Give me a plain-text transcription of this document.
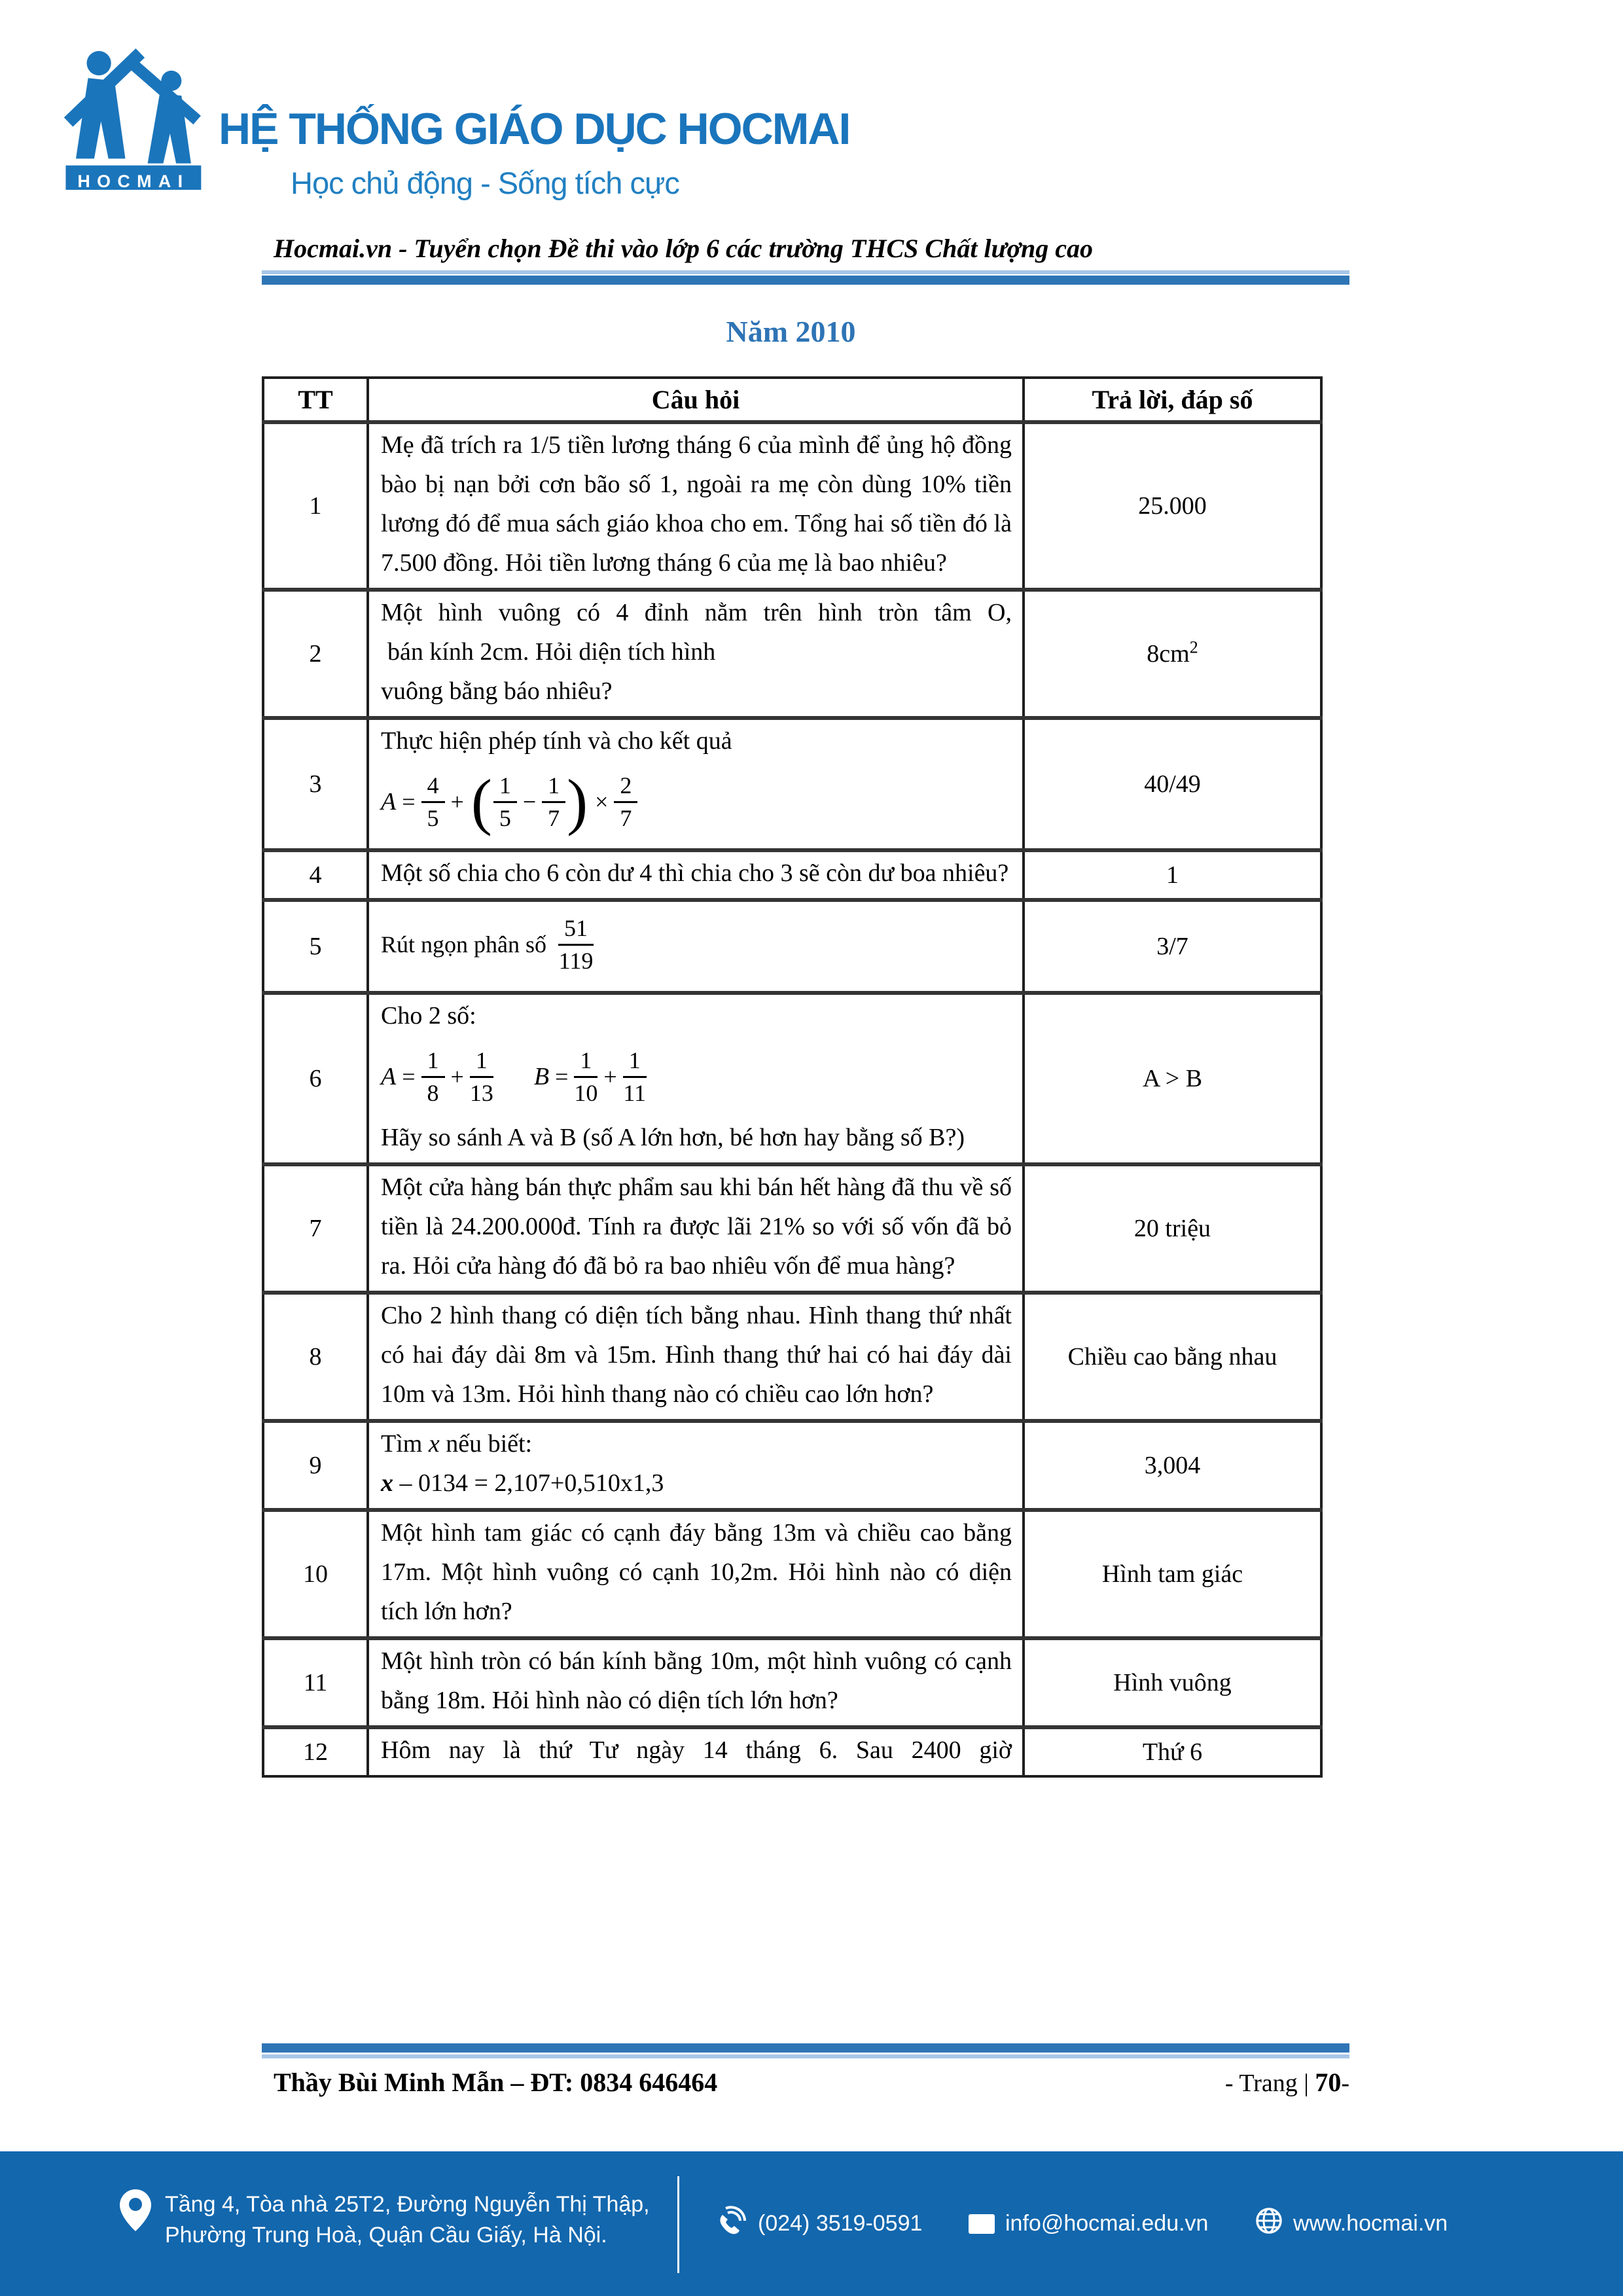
HOCMAI
HỆ THỐNG GIÁO DỤC HOCMAI
Học chủ động - Sống tích cực
Hocmai.vn - Tuyển chọn Đề thi vào lớp 6 các trường THCS Chất lượng cao
Năm 2010
TT	Câu hỏi	Trả lời, đáp số
1	Mẹ đã trích ra 1/5 tiền lương tháng 6 của mình để ủng hộ đồng bào bị nạn bởi cơn bão số 1, ngoài ra mẹ còn dùng 10% tiền lương đó để mua sách giáo khoa cho em. Tổng hai số tiền đó là 7.500 đồng. Hỏi tiền lương tháng 6 của mẹ là bao nhiêu?	25.000
2	Một hình vuông có 4 đỉnh nằm trên hình tròn tâm O,
bán kính 2cm. Hỏi diện tích hình
vuông bằng báo nhiêu?	$8cm^2$
3	
Thực hiện phép tính và cho kết quả
$A = \frac{4}{5}$ + ( $\frac{1}{5} - \frac{1}{7}$ ) × $\frac{2}{7}$	40/49
4	Một số chia cho 6 còn dư 4 thì chia cho 3 sẽ còn dư boa nhiêu?	1
5	Rút ngọn phân số $\frac{51}{119}$	3/7
6	
Cho 2 số:
$A = \frac{1}{8} + \frac{1}{13}$ $B = \frac{1}{10} + \frac{1}{11}$
Hãy so sánh A và B (số A lớn hơn, bé hơn hay bằng số B?)
	A > B
7	Một cửa hàng bán thực phẩm sau khi bán hết hàng đã thu về số tiền là 24.200.000đ. Tính ra được lãi 21% so với số vốn đã bỏ ra. Hỏi cửa hàng đó đã bỏ ra bao nhiêu vốn để mua hàng?	20 triệu
8	Cho 2 hình thang có diện tích bằng nhau. Hình thang thứ nhất có hai đáy dài 8m và 15m. Hình thang thứ hai có hai đáy dài 10m và 13m. Hỏi hình thang nào có chiều cao lớn hơn?	Chiều cao bằng nhau
9	Tìm x nếu biết:
x – 0134 = 2,107+0,510x1,3	3,004
10	Một hình tam giác có cạnh đáy bằng 13m và chiều cao bằng 17m. Một hình vuông có cạnh 10,2m. Hỏi hình nào có diện tích lớn hơn?	Hình tam giác
11	Một hình tròn có bán kính bằng 10m, một hình vuông có cạnh bằng 18m. Hỏi hình nào có diện tích lớn hơn?	Hình vuông
12	Hôm nay là thứ Tư ngày 14 tháng 6. Sau 2400 giờ	Thứ 6
Thầy Bùi Minh Mẫn – ĐT: 0834 646464	- Trang | 70-
Tầng 4, Tòa nhà 25T2, Đường Nguyễn Thị Thập,
Phường Trung Hoà, Quận Cầu Giấy, Hà Nội.	(024) 3519-0591	info@hocmai.edu.vn	www.hocmai.vn
